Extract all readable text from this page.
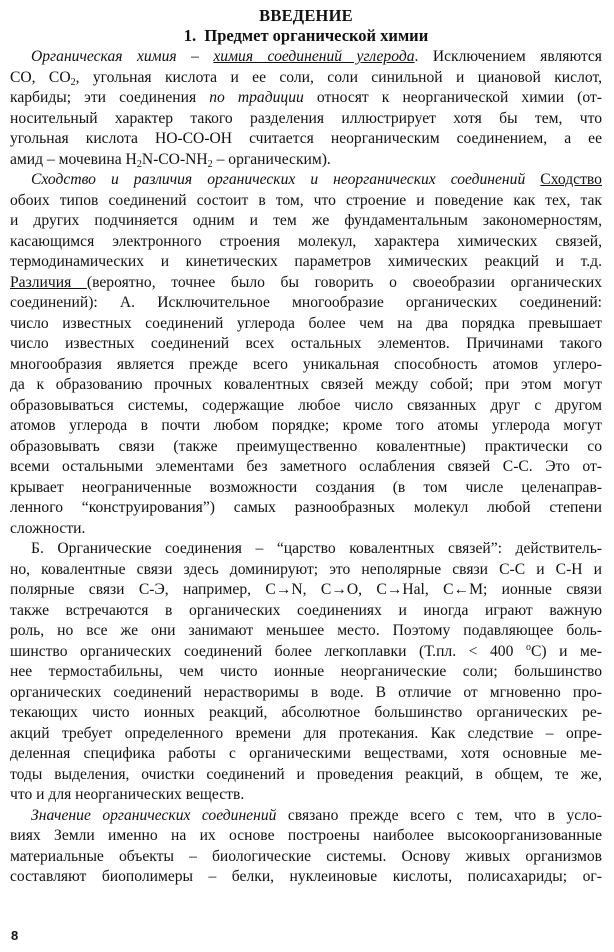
ВВЕДЕНИЕ
1. Предмет органической химии
Органическая химия – химия соединений углерода. Исключением являются
CO, $CO_2$, угольная кислота и ее соли, соли синильной и циановой кислот,
карбиды; эти соединения по традиции относят к неорганической химии (от-
носительный характер такого разделения иллюстрирует хотя бы тем, что
угольная кислота HO-CO-OH считается неорганическим соединением, а ее
амид – мочевина $H_2N-CO-NH_2$ – органическим).
Сходство и различия органических и неорганических соединений Сходство
обоих типов соединений состоит в том, что строение и поведение как тех, так
и других подчиняется одним и тем же фундаментальным закономерностям,
касающимся электронного строения молекул, характера химических связей,
термодинамических и кинетических параметров химических реакций и т.д.
Различия (вероятно, точнее было бы говорить о своеобразии органических
соединений): А. Исключительное многообразие органических соединений:
число известных соединений углерода более чем на два порядка превышает
число известных соединений всех остальных элементов. Причинами такого
многообразия является прежде всего уникальная способность атомов углеро-
да к образованию прочных ковалентных связей между собой; при этом могут
образовываться системы, содержащие любое число связанных друг с другом
атомов углерода в почти любом порядке; кроме того атомы углерода могут
образовывать связи (также преимущественно ковалентные) практически со
всеми остальными элементами без заметного ослабления связей С-С. Это от-
крывает неограниченные возможности создания (в том числе целенаправ-
ленного “конструирования”) самых разнообразных молекул любой степени
сложности.
Б. Органические соединения – “царство ковалентных связей”: действитель-
но, ковалентные связи здесь доминируют; это неполярные связи С-С и С-Н и
полярные связи С-Э, например, C→N, C→O, C→Hal, C←M; ионные связи
также встречаются в органических соединениях и иногда играют важную
роль, но все же они занимают меньшее место. Поэтому подавляющее боль-
шинство органических соединений более легкоплавки (Т.пл. < 400 $^o$C) и ме-
нее термостабильны, чем чисто ионные неорганические соли; большинство
органических соединений нерастворимы в воде. В отличие от мгновенно про-
текающих чисто ионных реакций, абсолютное большинство органических ре-
акций требует определенного времени для протекания. Как следствие – опре-
деленная специфика работы с органическими веществами, хотя основные ме-
тоды выделения, очистки соединений и проведения реакций, в общем, те же,
что и для неорганических веществ.
Значение органических соединений связано прежде всего с тем, что в усло-
виях Земли именно на их основе построены наиболее высокоорганизованные
материальные объекты – биологические системы. Основу живых организмов
составляют биополимеры – белки, нуклеиновые кислоты, полисахариды; ог-
8
